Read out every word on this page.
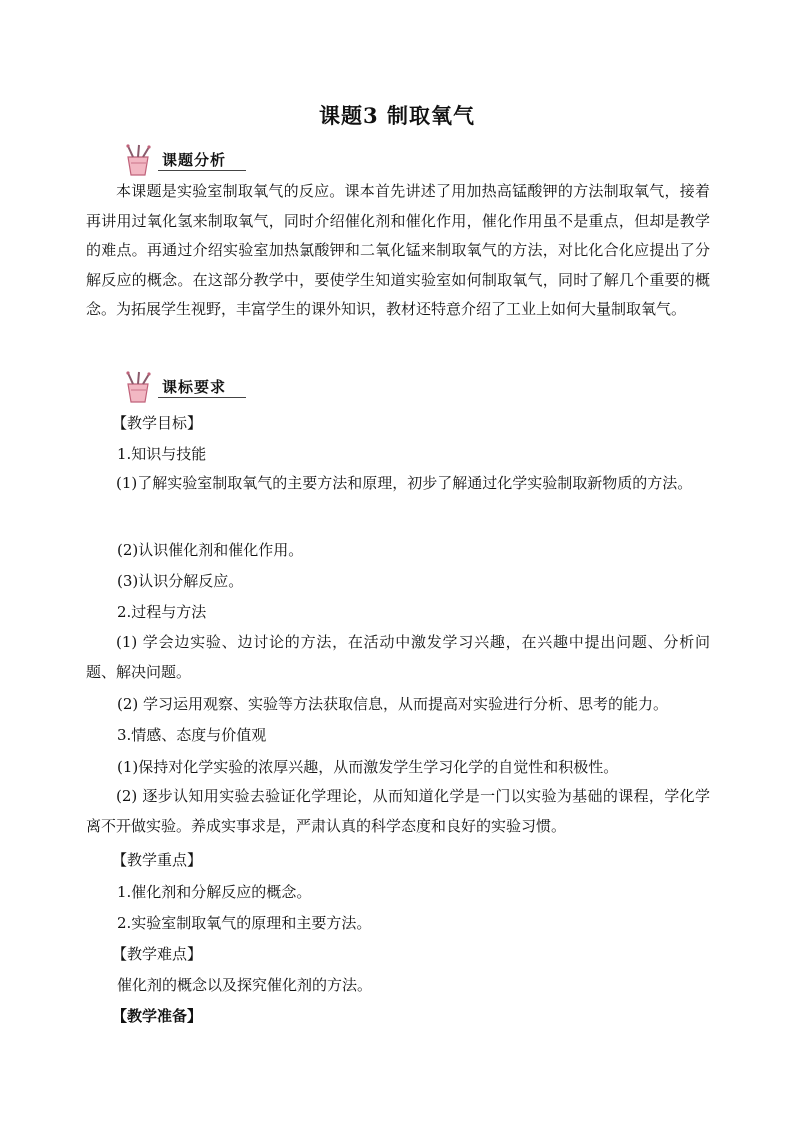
课题3 制取氧气
课题分析
本课题是实验室制取氧气的反应。课本首先讲述了用加热高锰酸钾的方法制取氧气，接着再讲用过氧化氢来制取氧气，同时介绍催化剂和催化作用，催化作用虽不是重点，但却是教学的难点。再通过介绍实验室加热氯酸钾和二氧化锰来制取氧气的方法，对比化合化应提出了分解反应的概念。在这部分教学中，要使学生知道实验室如何制取氧气，同时了解几个重要的概念。为拓展学生视野，丰富学生的课外知识，教材还特意介绍了工业上如何大量制取氧气。
课标要求
【教学目标】
1.知识与技能
(1)了解实验室制取氧气的主要方法和原理，初步了解通过化学实验制取新物质的方法。
(2)认识催化剂和催化作用。
(3)认识分解反应。
2.过程与方法
(1) 学会边实验、边讨论的方法，在活动中激发学习兴趣，在兴趣中提出问题、分析问题、解决问题。
(2) 学习运用观察、实验等方法获取信息，从而提高对实验进行分析、思考的能力。
3.情感、态度与价值观
(1)保持对化学实验的浓厚兴趣，从而激发学生学习化学的自觉性和积极性。
(2) 逐步认知用实验去验证化学理论，从而知道化学是一门以实验为基础的课程，学化学离不开做实验。养成实事求是，严肃认真的科学态度和良好的实验习惯。
【教学重点】
1.催化剂和分解反应的概念。
2.实验室制取氧气的原理和主要方法。
【教学难点】
催化剂的概念以及探究催化剂的方法。
【教学准备】
